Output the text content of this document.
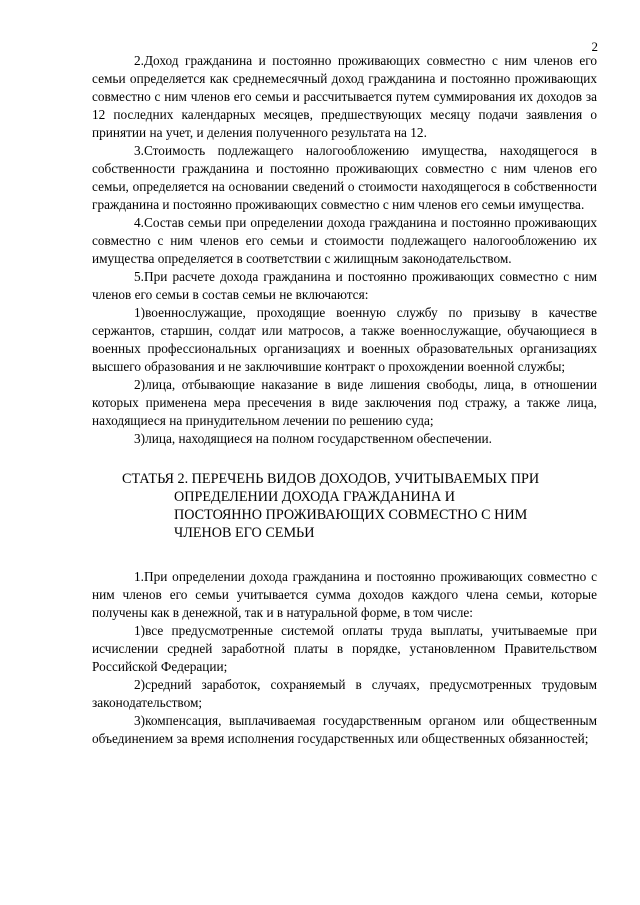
2

2.Доход гражданина и постоянно проживающих совместно с ним членов его семьи определяется как среднемесячный доход гражданина и постоянно проживающих совместно с ним членов его семьи и рассчитывается путем суммирования их доходов за 12 последних календарных месяцев, предшествующих месяцу подачи заявления о принятии на учет, и деления полученного результата на 12.

3.Стоимость подлежащего налогообложению имущества, находящегося в собственности гражданина и постоянно проживающих совместно с ним членов его семьи, определяется на основании сведений о стоимости находящегося в собственности гражданина и постоянно проживающих совместно с ним членов его семьи имущества.

4.Состав семьи при определении дохода гражданина и постоянно проживающих совместно с ним членов его семьи и стоимости подлежащего налогообложению их имущества определяется в соответствии с жилищным законодательством.

5.При расчете дохода гражданина и постоянно проживающих совместно с ним членов его семьи в состав семьи не включаются:

1)военнослужащие, проходящие военную службу по призыву в качестве сержантов, старшин, солдат или матросов, а также военнослужащие, обучающиеся в военных профессиональных организациях и военных образовательных организациях высшего образования и не заключившие контракт о прохождении военной службы;

2)лица, отбывающие наказание в виде лишения свободы, лица, в отношении которых применена мера пресечения в виде заключения под стражу, а также лица, находящиеся на принудительном лечении по решению суда;

3)лица, находящиеся на полном государственном обеспечении.

СТАТЬЯ 2. ПЕРЕЧЕНЬ ВИДОВ ДОХОДОВ, УЧИТЫВАЕМЫХ ПРИ
ОПРЕДЕЛЕНИИ ДОХОДА ГРАЖДАНИНА И
ПОСТОЯННО ПРОЖИВАЮЩИХ СОВМЕСТНО С НИМ
ЧЛЕНОВ ЕГО СЕМЬИ

1.При определении дохода гражданина и постоянно проживающих совместно с ним членов его семьи учитывается сумма доходов каждого члена семьи, которые получены как в денежной, так и в натуральной форме, в том числе:

1)все предусмотренные системой оплаты труда выплаты, учитываемые при исчислении средней заработной платы в порядке, установленном Правительством Российской Федерации;

2)средний заработок, сохраняемый в случаях, предусмотренных трудовым законодательством;

3)компенсация, выплачиваемая государственным органом или общественным объединением за время исполнения государственных или общественных обязанностей;
